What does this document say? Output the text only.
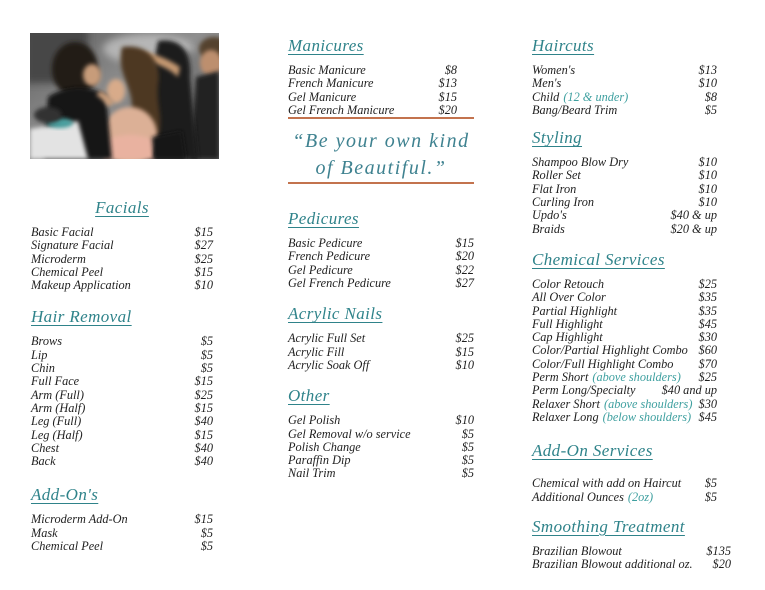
Facials
Basic Facial	$15
Signature Facial	$27
Microderm	$25
Chemical Peel	$15
Makeup Application	$10
Hair Removal
Brows	$5
Lip	$5
Chin	$5
Full Face	$15
Arm (Full)	$25
Arm (Half)	$15
Leg (Full)	$40
Leg (Half)	$15
Chest	$40
Back	$40
Add-On's
Microderm Add-On	$15
Mask	$5
Chemical Peel	$5
Manicures
Basic Manicure	$8
French Manicure	$13
Gel Manicure	$15
Gel French Manicure	$20
“Be your own kind
of Beautiful.”
Pedicures
Basic Pedicure	$15
French Pedicure	$20
Gel Pedicure	$22
Gel French Pedicure	$27
Acrylic Nails
Acrylic Full Set	$25
Acrylic Fill	$15
Acrylic Soak Off	$10
Other
Gel Polish	$10
Gel Removal w/o service	$5
Polish Change	$5
Paraffin Dip	$5
Nail Trim	$5
Haircuts
Women's	$13
Men's	$10
Child (12 & under)	$8
Bang/Beard Trim	$5
Styling
Shampoo Blow Dry	$10
Roller Set	$10
Flat Iron	$10
Curling Iron	$10
Updo's	$40 & up
Braids	$20 & up
Chemical Services
Color Retouch	$25
All Over Color	$35
Partial Highlight	$35
Full Highlight	$45
Cap Highlight	$30
Color/Partial Highlight Combo $60
Color/Full Highlight Combo	$70
Perm Short (above shoulders)	$25
Perm Long/Specialty	$40 and up
Relaxer Short (above shoulders) $30
Relaxer Long (below shoulders) $45
Add-On Services
Chemical with add on Haircut	$5
Additional Ounces (2oz)	$5
Smoothing Treatment
Brazilian Blowout	$135
Brazilian Blowout additional oz.	$20
